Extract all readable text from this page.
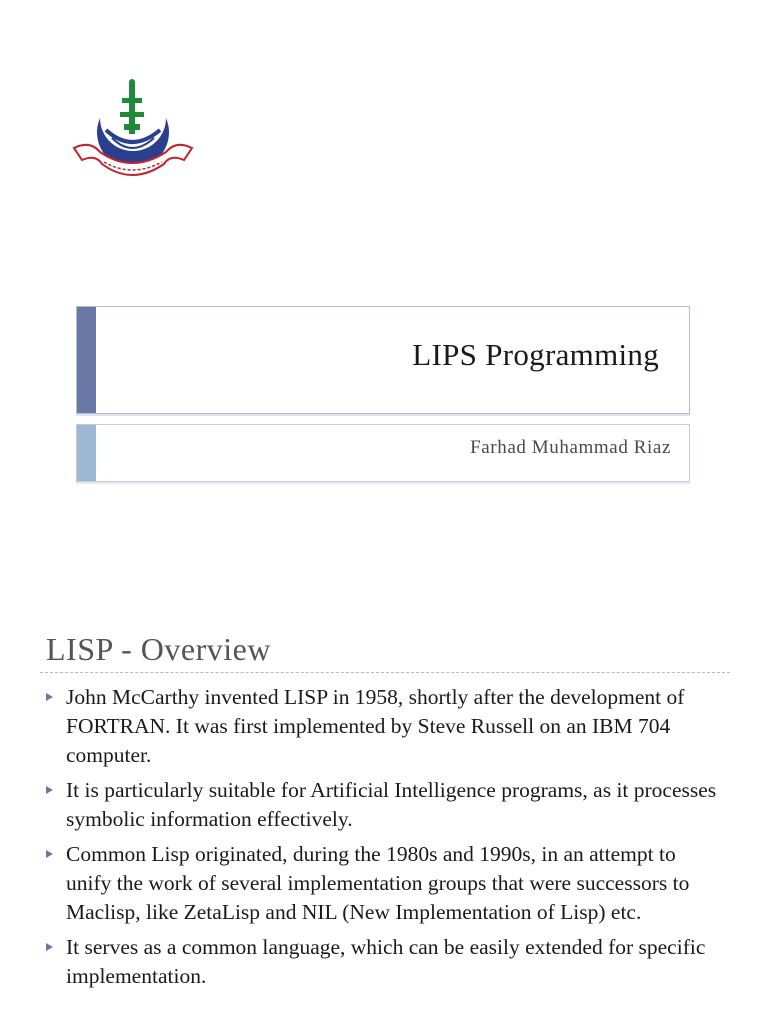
LIPS Programming
Farhad Muhammad Riaz
LISP - Overview
John McCarthy invented LISP in 1958, shortly after the development of FORTRAN. It was first implemented by Steve Russell on an IBM 704 computer.
It is particularly suitable for Artificial Intelligence programs, as it processes symbolic information effectively.
Common Lisp originated, during the 1980s and 1990s, in an attempt to unify the work of several implementation groups that were successors to Maclisp, like ZetaLisp and NIL (New Implementation of Lisp) etc.
It serves as a common language, which can be easily extended for specific implementation.
